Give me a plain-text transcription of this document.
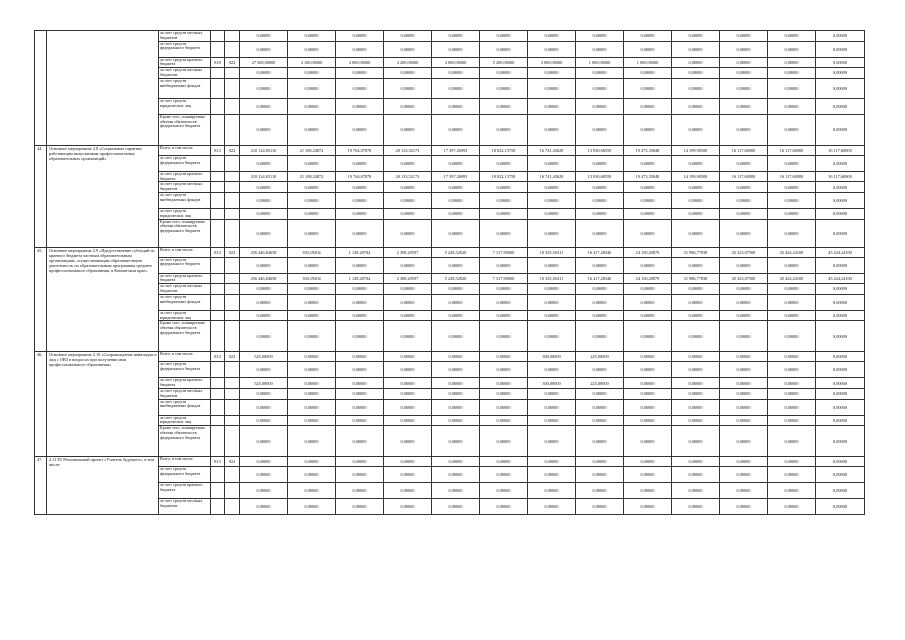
		за счет средств местных бюджетов			0,00000	0,00000	0,00000	0,00000	0,00000	0,00000	0,00000	0,00000	0,00000	0,00000	0,00000	0,00000	0,00000
		за счет средств федерального бюджета			0,00000	0,00000	0,00000	0,00000	0,00000	0,00000	0,00000	0,00000	0,00000	0,00000	0,00000	0,00000	0,00000
		за счет средств краевого бюджета	818	022	27 500,00000	4 100,00000	4 000,00000	4 200,00000	4 000,00000	5 200,00000	3 000,00000	1 000,00000	1 000,00000	0,00000	0,00000	0,00000	0,00000
		за счет средств местных бюджетов			0,00000	0,00000	0,00000	0,00000	0,00000	0,00000	0,00000	0,00000	0,00000	0,00000	0,00000	0,00000	0,00000
		за счет средств внебюджетных фондов			0,00000	0,00000	0,00000	0,00000	0,00000	0,00000	0,00000	0,00000	0,00000	0,00000	0,00000	0,00000	0,00000
		за счет средств юридических лиц			0,00000	0,00000	0,00000	0,00000	0,00000	0,00000	0,00000	0,00000	0,00000	0,00000	0,00000	0,00000	0,00000
		Кроме того, планируемые объемы обязательств федерального бюджета			0,00000	0,00000	0,00000	0,00000	0,00000	0,00000	0,00000	0,00000	0,00000	0,00000	0,00000	0,00000	0,00000
44.	Основное мероприятие 2.8 «Социальные гарантии работающим выпускникам профессиональных образовательных организаций»	Всего, в том числе:	813	022	210 124,83110	21 108,24872	19 764,07878	20 133,52173	17 397,26993	18 822,13758	16 741,43629	13 930,68559	19 473,35848	14 199,90508	16 117,60000	16 117,60000	16 117,60000
		за счет средств федерального бюджета			0,00000	0,00000	0,00000	0,00000	0,00000	0,00000	0,00000	0,00000	0,00000	0,00000	0,00000	0,00000	0,00000
		за счет средств краевого бюджета			210 124,83110	21 108,24872	19 764,07878	20 133,52173	17 397,26993	18 822,13758	16 741,43629	13 930,68559	19 473,35848	14 199,90508	16 117,60000	16 117,60000	16 117,60000
		за счет средств местных бюджетов			0,00000	0,00000	0,00000	0,00000	0,00000	0,00000	0,00000	0,00000	0,00000	0,00000	0,00000	0,00000	0,00000
		за счет средств внебюджетных фондов			0,00000	0,00000	0,00000	0,00000	0,00000	0,00000	0,00000	0,00000	0,00000	0,00000	0,00000	0,00000	0,00000
		за счет средств юридических лиц			0,00000	0,00000	0,00000	0,00000	0,00000	0,00000	0,00000	0,00000	0,00000	0,00000	0,00000	0,00000	0,00000
		Кроме того, планируемые объемы обязательств федерального бюджета			0,00000	0,00000	0,00000	0,00000	0,00000	0,00000	0,00000	0,00000	0,00000	0,00000	0,00000	0,00000	0,00000
45.	Основное мероприятие 2.9 «Предоставление субсидий из краевого бюджета частным образовательным организациям, осуществляющим образовательную деятельность по образовательным программам среднего профессионального образования, в Камчатском крае»	Всего, в том числе:	813	022	256 446,84658	350,19204	1 128,28704	2 308,29597	5 228,52820	7 317,90000	10 335,50411	16 417,28346	24 150,20879	31 986,77838	45 323,07500	45 424,24100	45 424,24100
		за счет средств федерального бюджета			0,00000	0,00000	0,00000	0,00000	0,00000	0,00000	0,00000	0,00000	0,00000	0,00000	0,00000	0,00000	0,00000
		за счет средств краевого бюджета			256 446,84658	350,19204	1 128,28704	2 308,29597	5 228,52820	7 317,90000	10 335,50411	16 417,28346	24 150,20879	31 986,77838	45 323,07500	45 424,24100	45 424,24100
		за счет средств местных бюджетов			0,00000	0,00000	0,00000	0,00000	0,00000	0,00000	0,00000	0,00000	0,00000	0,00000	0,00000	0,00000	0,00000
		за счет средств внебюджетных фондов			0,00000	0,00000	0,00000	0,00000	0,00000	0,00000	0,00000	0,00000	0,00000	0,00000	0,00000	0,00000	0,00000
		за счет средств юридических лиц			0,00000	0,00000	0,00000	0,00000	0,00000	0,00000	0,00000	0,00000	0,00000	0,00000	0,00000	0,00000	0,00000
		Кроме того, планируемые объемы обязательств федерального бюджета			0,00000	0,00000	0,00000	0,00000	0,00000	0,00000	0,00000	0,00000	0,00000	0,00000	0,00000	0,00000	0,00000
46.	Основное мероприятие 2.10 «Сопровождение инвалидов и лиц с ОВЗ в вопросах при получении ими профессионального образования»	Всего, в том числе:	813	022	525,00000	0,00000	0,00000	0,00000	0,00000	0,00000	300,00000	225,00000	0,00000	0,00000	0,00000	0,00000	0,00000
		за счет средств федерального бюджета			0,00000	0,00000	0,00000	0,00000	0,00000	0,00000	0,00000	0,00000	0,00000	0,00000	0,00000	0,00000	0,00000
		за счет средств краевого бюджета			525,00000	0,00000	0,00000	0,00000	0,00000	0,00000	300,00000	225,00000	0,00000	0,00000	0,00000	0,00000	0,00000
		за счет средств местных бюджетов			0,00000	0,00000	0,00000	0,00000	0,00000	0,00000	0,00000	0,00000	0,00000	0,00000	0,00000	0,00000	0,00000
		за счет средств внебюджетных фондов			0,00000	0,00000	0,00000	0,00000	0,00000	0,00000	0,00000	0,00000	0,00000	0,00000	0,00000	0,00000	0,00000
		за счет средств юридических лиц			0,00000	0,00000	0,00000	0,00000	0,00000	0,00000	0,00000	0,00000	0,00000	0,00000	0,00000	0,00000	0,00000
		Кроме того, планируемые объемы обязательств федерального бюджета			0,00000	0,00000	0,00000	0,00000	0,00000	0,00000	0,00000	0,00000	0,00000	0,00000	0,00000	0,00000	0,00000
47.	2.11 Е5 Региональный проект «Учитель будущего», в том числе:	Всего, в том числе:	813	022	0,00000	0,00000	0,00000	0,00000	0,00000	0,00000	0,00000	0,00000	0,00000	0,00000	0,00000	0,00000	0,00000
		за счет средств федерального бюджета			0,00000	0,00000	0,00000	0,00000	0,00000	0,00000	0,00000	0,00000	0,00000	0,00000	0,00000	0,00000	0,00000
		за счет средств краевого бюджета			0,00000	0,00000	0,00000	0,00000	0,00000	0,00000	0,00000	0,00000	0,00000	0,00000	0,00000	0,00000	0,00000
		за счет средств местных бюджетов			0,00000	0,00000	0,00000	0,00000	0,00000	0,00000	0,00000	0,00000	0,00000	0,00000	0,00000	0,00000	0,00000
